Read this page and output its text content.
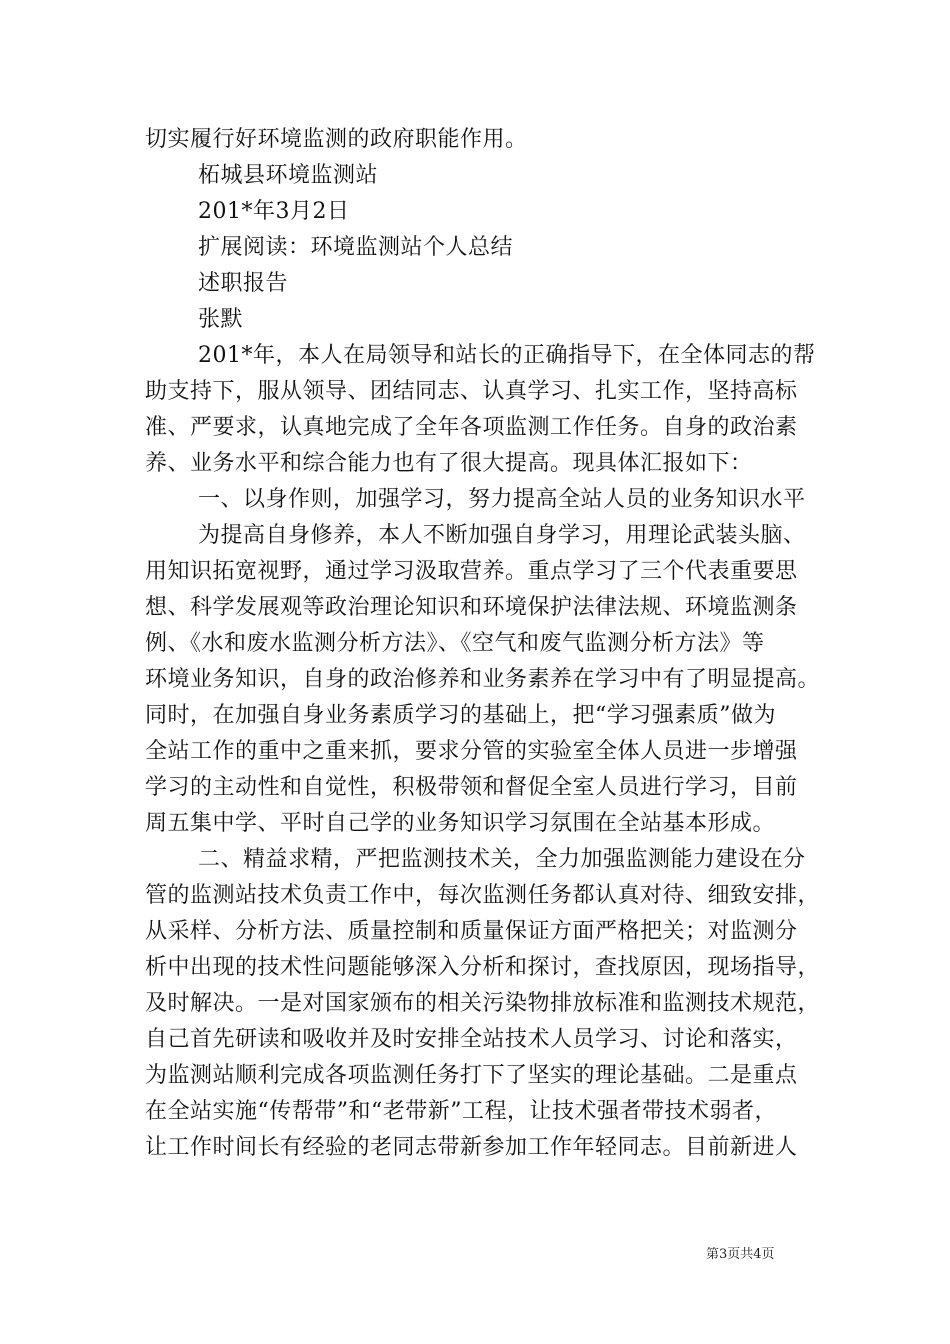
切实履行好环境监测的政府职能作用。
柘城县环境监测站
201*年3月2日
扩展阅读：环境监测站个人总结
述职报告
张默
201*年，本人在局领导和站长的正确指导下，在全体同志的帮
助支持下，服从领导、团结同志、认真学习、扎实工作，坚持高标
准、严要求，认真地完成了全年各项监测工作任务。自身的政治素
养、业务水平和综合能力也有了很大提高。现具体汇报如下：
一、以身作则，加强学习，努力提高全站人员的业务知识水平
为提高自身修养，本人不断加强自身学习，用理论武装头脑、
用知识拓宽视野，通过学习汲取营养。重点学习了三个代表重要思
想、科学发展观等政治理论知识和环境保护法律法规、环境监测条
例、《水和废水监测分析方法》、《空气和废气监测分析方法》等
环境业务知识，自身的政治修养和业务素养在学习中有了明显提高。
同时，在加强自身业务素质学习的基础上，把“学习强素质”做为
全站工作的重中之重来抓，要求分管的实验室全体人员进一步增强
学习的主动性和自觉性，积极带领和督促全室人员进行学习，目前
周五集中学、平时自己学的业务知识学习氛围在全站基本形成。
二、精益求精，严把监测技术关，全力加强监测能力建设在分
管的监测站技术负责工作中，每次监测任务都认真对待、细致安排，
从采样、分析方法、质量控制和质量保证方面严格把关；对监测分
析中出现的技术性问题能够深入分析和探讨，查找原因，现场指导，
及时解决。一是对国家颁布的相关污染物排放标准和监测技术规范，
自己首先研读和吸收并及时安排全站技术人员学习、讨论和落实，
为监测站顺利完成各项监测任务打下了坚实的理论基础。二是重点
在全站实施“传帮带”和“老带新”工程，让技术强者带技术弱者，
让工作时间长有经验的老同志带新参加工作年轻同志。目前新进人
第3页共4页
